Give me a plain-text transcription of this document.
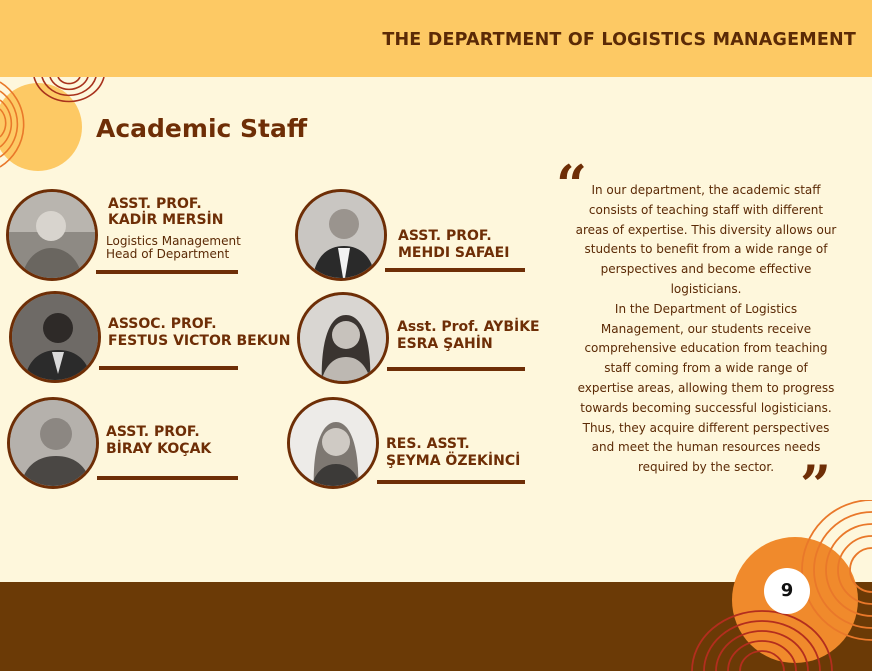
THE DEPARTMENT OF LOGISTICS MANAGEMENT
Academic Staff
ASST. PROF.
KADİR MERSİN
Logistics Management
Head of Department
ASST. PROF.
MEHDI SAFAEI
ASSOC. PROF.
FESTUS VICTOR BEKUN
Asst. Prof. AYBİKE
ESRA ŞAHİN
ASST. PROF.
BİRAY KOÇAK	RES. ASST.
ŞEYMA ÖZEKİNCİ
“ In our department, the academic staff
consists of teaching staff with different
areas of expertise. This diversity allows our
students to benefit from a wide range of
perspectives and become effective
logisticians.
In the Department of Logistics
Management, our students receive
comprehensive education from teaching
staff coming from a wide range of
expertise areas, allowing them to progress
towards becoming successful logisticians.
Thus, they acquire different perspectives
and meet the human resources needs
required by the sector. ”
9
